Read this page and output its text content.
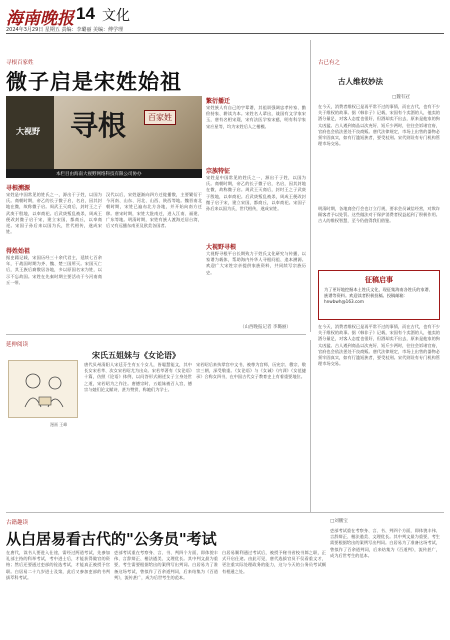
海南晚报 14 文化
2024年3月29日 星期五 责编：李璐丽 美编：傅学理
寻根百家姓
微子启是宋姓始祖
大视野 寻根	百家姓
本栏目由海南大视野网络科技有限公司协办
寻根溯源
宋姓是中国常见的姓氏之一，源出于子姓，以国为氏。商朝时期，帝乙的长子微子启，名启，因其封地在微，故称微子启。周武王灭商后，封纣王之子武庚于殷地，以奉商祀。后武庚叛乱被杀，周成王便改封微子启于宋，建立宋国，都商丘，以奉商祀。宋国子孙后来以国为氏，世代相传，遂成宋姓。
得姓始祖
据史籍记载，宋国历经三十余代君主，延续七百余年，于战国时期为齐、魏、楚三国所灭。宋国灭亡后，其王族后裔散居各地，多以原国名宋为姓，以示不忘故国。宋姓在先秦时期主要活动于今河南商丘一带。
汉代以后，宋姓逐渐向四方迁徙播散，主要繁衍于今河南、山东、河北、山西、陕西等地。魏晋南北朝时期，宋姓已遍布北方各地，并开始向南方迁移。唐宋时期，宋姓大批南迁，进入江南、福建、广东等地。明清时期，宋姓有族人渡海迁居台湾，后又有远播东南亚及欧美各国者。
繁衍播迁
宋姓族人有自己的字辈谱，其祖训强调忠孝传家、勤俭持家、耕读为本。宋姓名人辈出，战国有文学家宋玉，唐有名相宋璟，宋有法医学家宋慈，明有科学家宋应星等，均为宋姓后人之楷模。
宗族特征
宋姓是中国常见的姓氏之一，源出于子姓，以国为氏。商朝时期，帝乙的长子微子启，名启，因其封地在微，故称微子启。周武王灭商后，封纣王之子武庚于殷地，以奉商祀。后武庚叛乱被杀，周成王便改封微子启于宋，建立宋国，都商丘，以奉商祀。宋国子孙后来以国为氏，世代相传，遂成宋姓。
大视野寻根
大视野寻根平台长期致力于姓氏文化研究与传播，以家谱为载体，帮助海内外华人寻根问祖、追本溯源。欢迎广大宋姓宗亲提供家族资料，共同续写宗族历史。
（山西晚报记者 李璐丽）
古已有之
古人维权妙法
□魏有冠
在今天，消费者维权已是再平常不过的事情，而在古代，也有不少关于维权的故事。据《韩非子》记载，宋国有个卖酒的人，他卖的酒分量足，对客人态度也很好，但酒却卖不出去，原来是他家的狗太凶猛。古人遇到商品以次充好、短斤少两时，往往会诉诸官府，官府也会依法惩处不良商贩。唐代法律规定，市场上出售的器物必须牢固真实，如有行滥短狭者，要受杖刑。宋代则设有专门机构管理市场交易。
明清时期，各地商会行会也订立行规，要求会员诚信经营，对欺诈顾客者予以处罚。这些做法对于保护消费者权益起到了积极作用。古人的维权智慧，至今仍值得我们借鉴。
征稿启事
为了更好地挖掘本土姓氏文化，现征集海南各姓氏的家谱、族谱等资料。欢迎读者积极投稿。投稿邮箱：hnwbwh@163.com
在今天，消费者维权已是再平常不过的事情，而在古代，也有不少关于维权的故事。据《韩非子》记载，宋国有个卖酒的人，他卖的酒分量足，对客人态度也很好，但酒却卖不出去，原来是他家的狗太凶猛。古人遇到商品以次充好、短斤少两时，往往会诉诸官府，官府也会依法惩处不良商贩。唐代法律规定，市场上出售的器物必须牢固真实，如有行滥短狭者，要受杖刑。宋代则设有专门机构管理市场交易。
延伸阅读
宋氏五姐妹与《女论语》
漫画 王峰
唐代贝州清阳人宋廷芬生有五个女儿，皆聪慧能文，其中长女宋若莘、次女宋若昭尤为出众。宋若莘著有《女论语》十篇，仿照《论语》体例，以问答形式阐述女子立身处世之道，宋若昭为之作注。唐德宗时，五姐妹被召入宫，德宗与她们论文赋诗，甚为赞赏，称她们为学士。
宋若昭后来执掌宫中文书，被尊为宫师，历宪宗、穆宗、敬宗三朝，深受敬重。《女论语》与《女诫》《内训》《女范捷录》合称女四书，在中国古代女子教育史上有着重要地位。
古籍趣读
从白居易看古代的"公务员"考试
在唐代，读书人要进入仕途，需经过两道考试，先参加礼部主持的科举考试，考中进士后，才能获得做官的资格；然后还要通过吏部的铨选考试，才能真正被授予官职。白居易二十九岁进士及第，此后又参加吏部的书判拔萃科考试。
吏部考试重在考察身、言、书、判四个方面，即体貌丰伟、言辞辩正、楷法遒美、文理优长。其中判文最为重要，考生需要根据给出的案例写出判词。白居易为了准备这场考试，曾拟作了百余道判词，后来结集为《百道判》，流传甚广，成为后世考生的范本。
白居易顺利通过考试后，被授予秘书省校书郎之职，正式开启仕途。由此可见，唐代选拔官员不仅看重文才，更注重实际处理政务的能力，这与今天的公务员考试颇有相通之处。
□刘鹏宝
吏部考试重在考察身、言、书、判四个方面，即体貌丰伟、言辞辩正、楷法遒美、文理优长。其中判文最为重要，考生需要根据给出的案例写出判词。白居易为了准备这场考试，曾拟作了百余道判词，后来结集为《百道判》，流传甚广，成为后世考生的范本。
